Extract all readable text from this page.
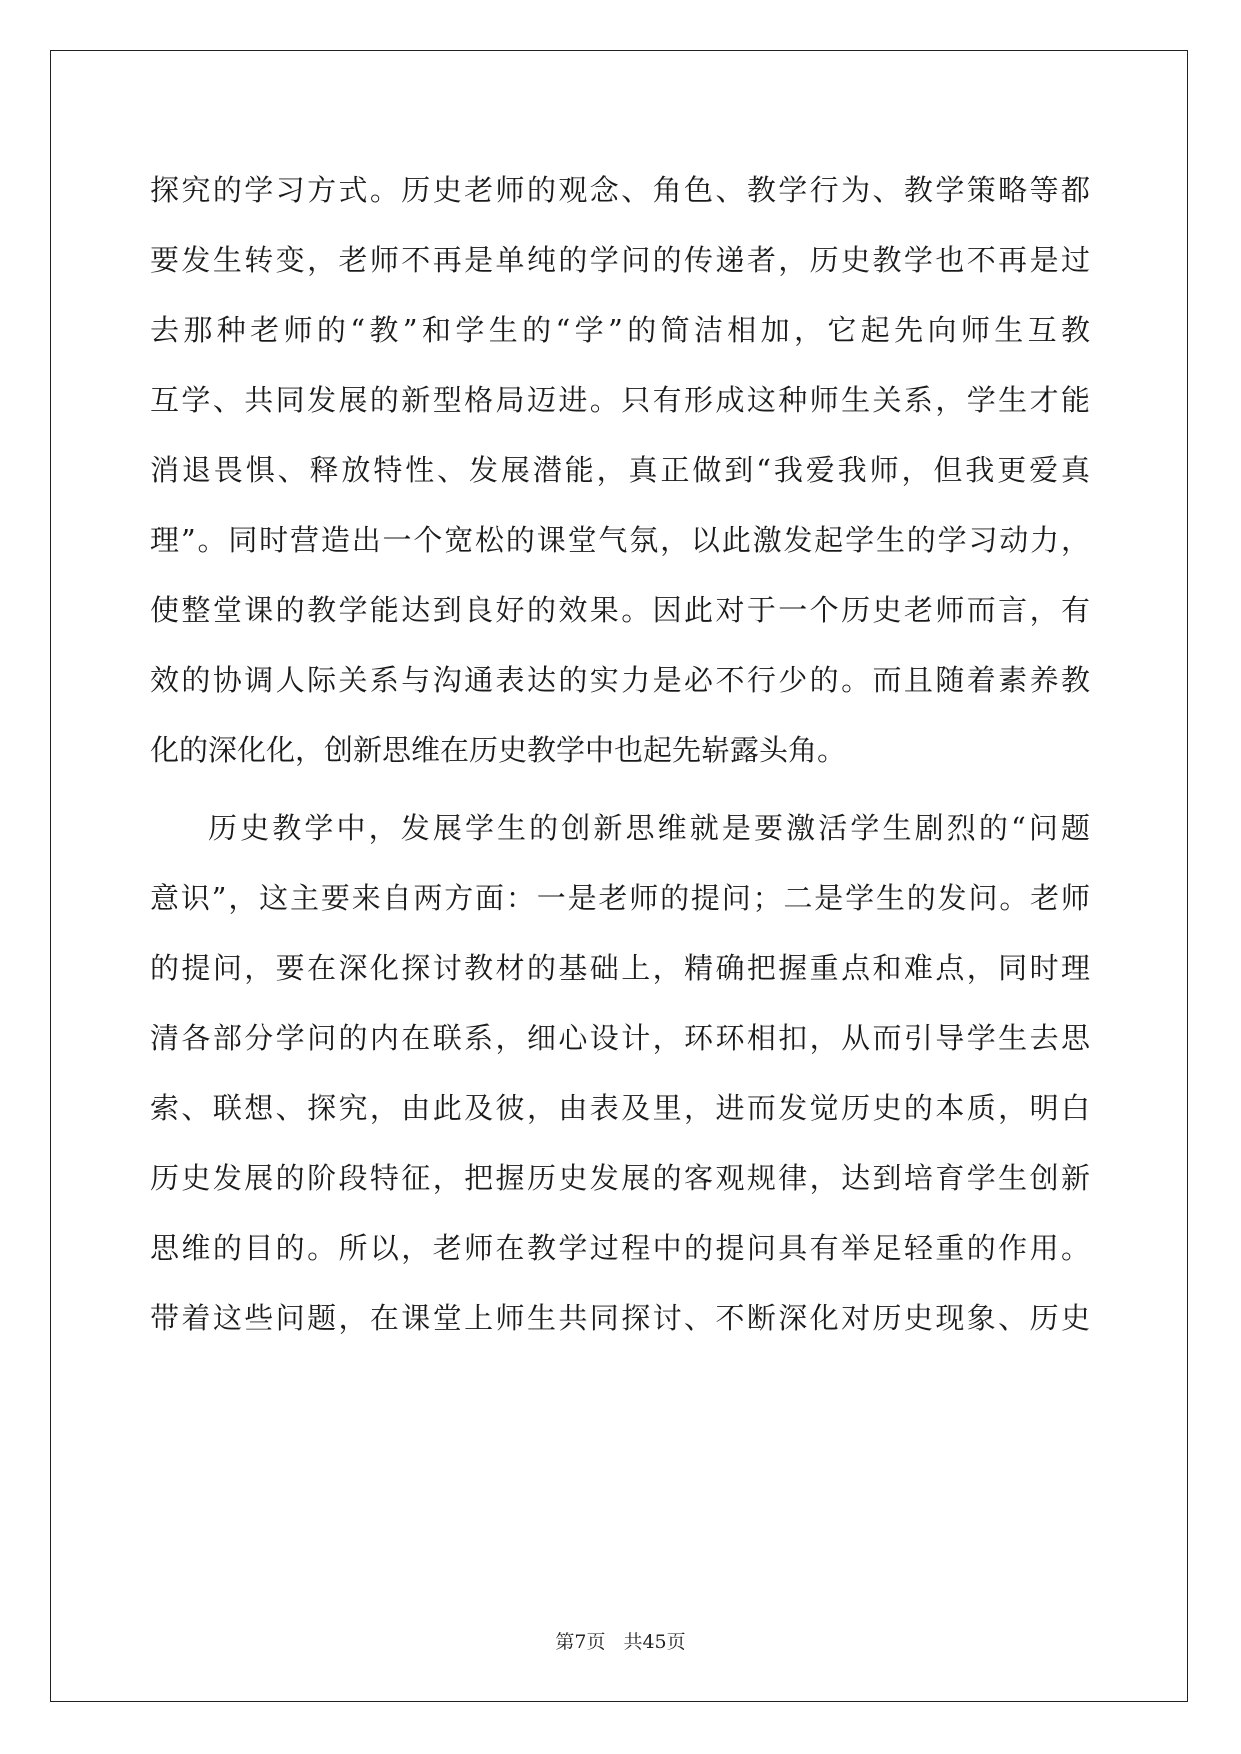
探究的学习方式。历史老师的观念、角色、教学行为、教学策略等都
要发生转变，老师不再是单纯的学问的传递者，历史教学也不再是过
去那种老师的“教”和学生的“学”的简洁相加，它起先向师生互教
互学、共同发展的新型格局迈进。只有形成这种师生关系，学生才能
消退畏惧、释放特性、发展潜能，真正做到“我爱我师，但我更爱真
理”。同时营造出一个宽松的课堂气氛，以此激发起学生的学习动力，
使整堂课的教学能达到良好的效果。因此对于一个历史老师而言，有
效的协调人际关系与沟通表达的实力是必不行少的。而且随着素养教
化的深化化，创新思维在历史教学中也起先崭露头角。
历史教学中，发展学生的创新思维就是要激活学生剧烈的“问题
意识”，这主要来自两方面：一是老师的提问；二是学生的发问。老师
的提问，要在深化探讨教材的基础上，精确把握重点和难点，同时理
清各部分学问的内在联系，细心设计，环环相扣，从而引导学生去思
索、联想、探究，由此及彼，由表及里，进而发觉历史的本质，明白
历史发展的阶段特征，把握历史发展的客观规律，达到培育学生创新
思维的目的。所以，老师在教学过程中的提问具有举足轻重的作用。
带着这些问题，在课堂上师生共同探讨、不断深化对历史现象、历史
第7页 共45页
